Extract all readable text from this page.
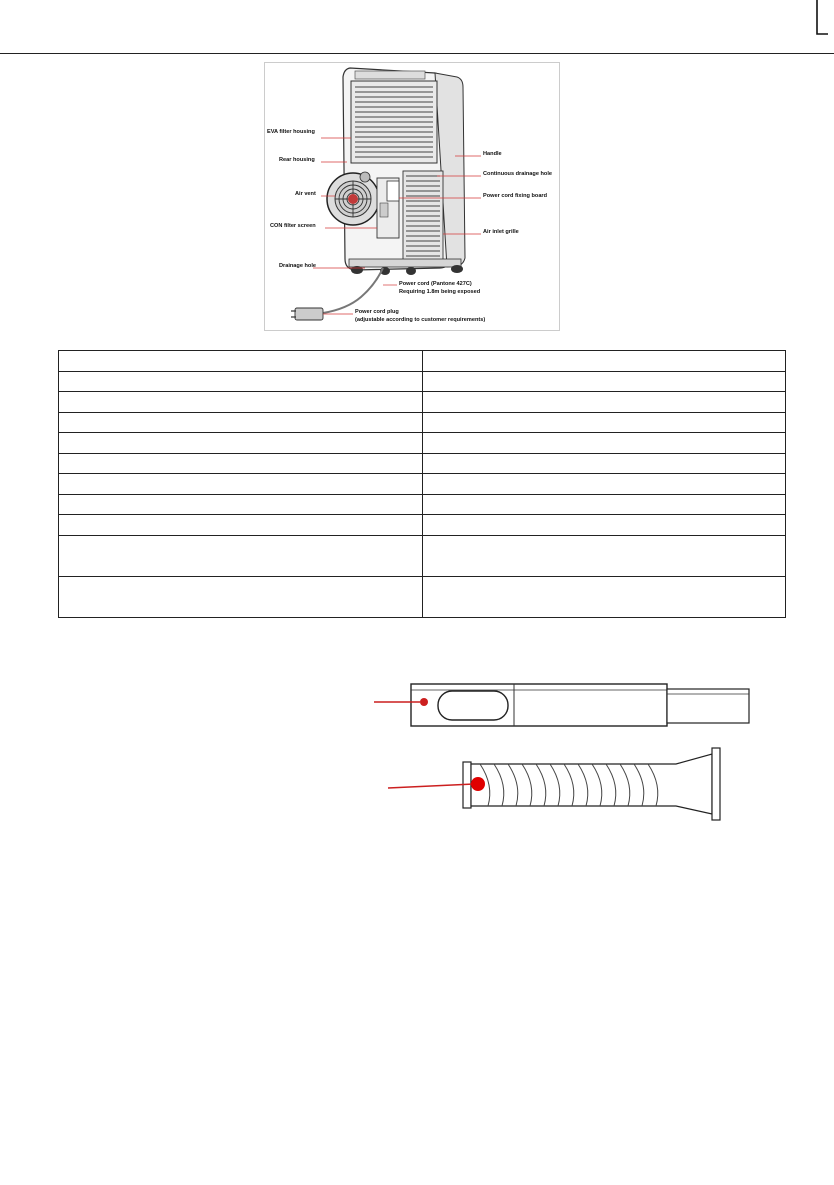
EVA filter housing
Rear housing
Air vent
CON filter screen
Drainage hole
Handle
Continuous drainage hole
Power cord fixing board
Air inlet grille
Power cord (Pantone 427C)
Requiring 1.8m being exposed
Power cord plug
(adjustable according to customer requirements)
